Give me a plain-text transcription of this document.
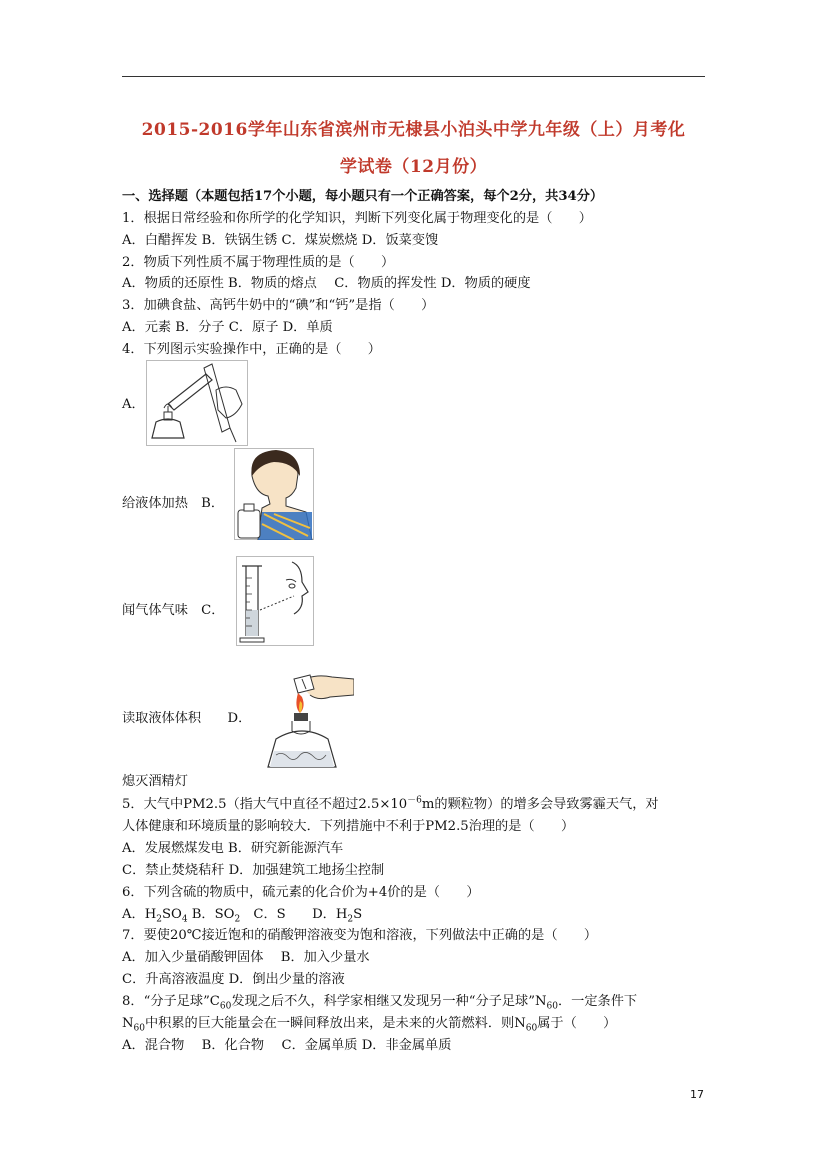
2015-2016学年山东省滨州市无棣县小泊头中学九年级（上）月考化
学试卷（12月份）
一、选择题（本题包括17个小题，每小题只有一个正确答案，每个2分，共34分）
1．根据日常经验和你所学的化学知识，判断下列变化属于物理变化的是（　　）
A．白醋挥发 B．铁锅生锈 C．煤炭燃烧 D．饭菜变馊
2．物质下列性质不属于物理性质的是（　　）
A．物质的还原性 B．物质的熔点　 C．物质的挥发性 D．物质的硬度
3．加碘食盐、高钙牛奶中的“碘”和“钙”是指（　　）
A．元素 B．分子 C．原子 D．单质
4．下列图示实验操作中，正确的是（　　）
A．
给液体加热　B．
闻气体气味　C．
读取液体体积　　D．
熄灭酒精灯
5．大气中PM2.5（指大气中直径不超过$2.5\times 10^{-6}m$的颗粒物）的增多会导致雾霾天气，对
人体健康和环境质量的影响较大．下列措施中不利于PM2.5治理的是（　　）
A．发展燃煤发电 B．研究新能源汽车
C．禁止焚烧秸秆 D．加强建筑工地扬尘控制
6．下列含硫的物质中，硫元素的化合价为+4价的是（　　）
A．$H_2SO_4$ B．$SO_2$　C．S　　D．$H_2S$
7．要使20℃接近饱和的硝酸钾溶液变为饱和溶液，下列做法中正确的是（　　）
A．加入少量硝酸钾固体　 B．加入少量水
C．升高溶液温度 D．倒出少量的溶液
8．“分子足球$”C_{60}$发现之后不久，科学家相继又发现另一种“分子足球$”N_{60}$．一定条件下
$N_{60}$中积累的巨大能量会在一瞬间释放出来，是未来的火箭燃料．则$N_{60}$属于（　　）
A．混合物　 B．化合物　 C．金属单质 D．非金属单质
17
